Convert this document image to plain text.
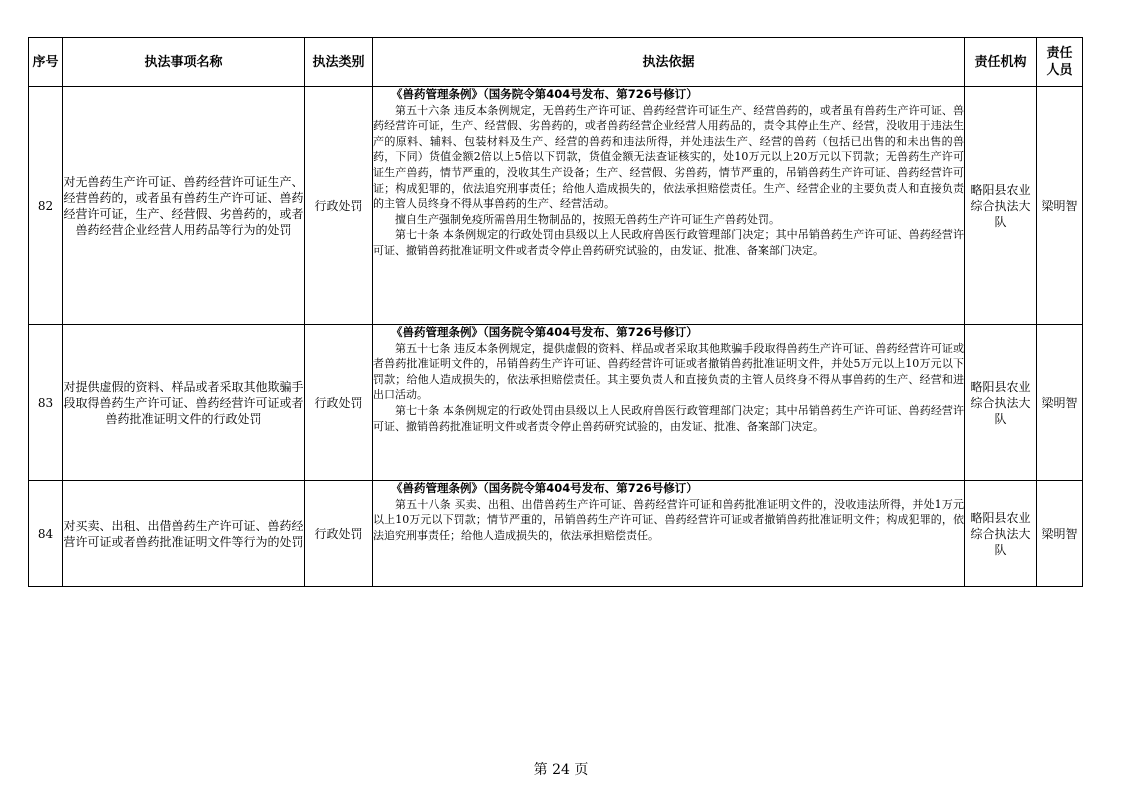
序号	执法事项名称	执法类别	执法依据	责任机构	责任人员
82	对无兽药生产许可证、兽药经营许可证生产、经营兽药的，或者虽有兽药生产许可证、兽药经营许可证，生产、经营假、劣兽药的，或者兽药经营企业经营人用药品等行为的处罚	行政处罚	《兽药管理条例》（国务院令第404号发布、第726号修订）
第五十六条 违反本条例规定，无兽药生产许可证、兽药经营许可证生产、经营兽药的，或者虽有兽药生产许可证、兽药经营许可证，生产、经营假、劣兽药的，或者兽药经营企业经营人用药品的，责令其停止生产、经营，没收用于违法生产的原料、辅料、包装材料及生产、经营的兽药和违法所得，并处违法生产、经营的兽药（包括已出售的和未出售的兽药，下同）货值金额2倍以上5倍以下罚款，货值金额无法查证核实的，处10万元以上20万元以下罚款；无兽药生产许可证生产兽药，情节严重的，没收其生产设备；生产、经营假、劣兽药，情节严重的，吊销兽药生产许可证、兽药经营许可证；构成犯罪的，依法追究刑事责任；给他人造成损失的，依法承担赔偿责任。生产、经营企业的主要负责人和直接负责的主管人员终身不得从事兽药的生产、经营活动。
擅自生产强制免疫所需兽用生物制品的，按照无兽药生产许可证生产兽药处罚。
第七十条 本条例规定的行政处罚由县级以上人民政府兽医行政管理部门决定；其中吊销兽药生产许可证、兽药经营许可证、撤销兽药批准证明文件或者责令停止兽药研究试验的，由发证、批准、备案部门决定。	略阳县农业综合执法大队	梁明智
83	对提供虚假的资料、样品或者采取其他欺骗手段取得兽药生产许可证、兽药经营许可证或者兽药批准证明文件的行政处罚	行政处罚	《兽药管理条例》（国务院令第404号发布、第726号修订）
第五十七条 违反本条例规定，提供虚假的资料、样品或者采取其他欺骗手段取得兽药生产许可证、兽药经营许可证或者兽药批准证明文件的，吊销兽药生产许可证、兽药经营许可证或者撤销兽药批准证明文件，并处5万元以上10万元以下罚款；给他人造成损失的，依法承担赔偿责任。其主要负责人和直接负责的主管人员终身不得从事兽药的生产、经营和进出口活动。
第七十条 本条例规定的行政处罚由县级以上人民政府兽医行政管理部门决定；其中吊销兽药生产许可证、兽药经营许可证、撤销兽药批准证明文件或者责令停止兽药研究试验的，由发证、批准、备案部门决定。	略阳县农业综合执法大队	梁明智
84	对买卖、出租、出借兽药生产许可证、兽药经营许可证或者兽药批准证明文件等行为的处罚	行政处罚	《兽药管理条例》（国务院令第404号发布、第726号修订）
第五十八条 买卖、出租、出借兽药生产许可证、兽药经营许可证和兽药批准证明文件的，没收违法所得，并处1万元以上10万元以下罚款；情节严重的，吊销兽药生产许可证、兽药经营许可证或者撤销兽药批准证明文件；构成犯罪的，依法追究刑事责任；给他人造成损失的，依法承担赔偿责任。	略阳县农业综合执法大队	梁明智
第 24 页
